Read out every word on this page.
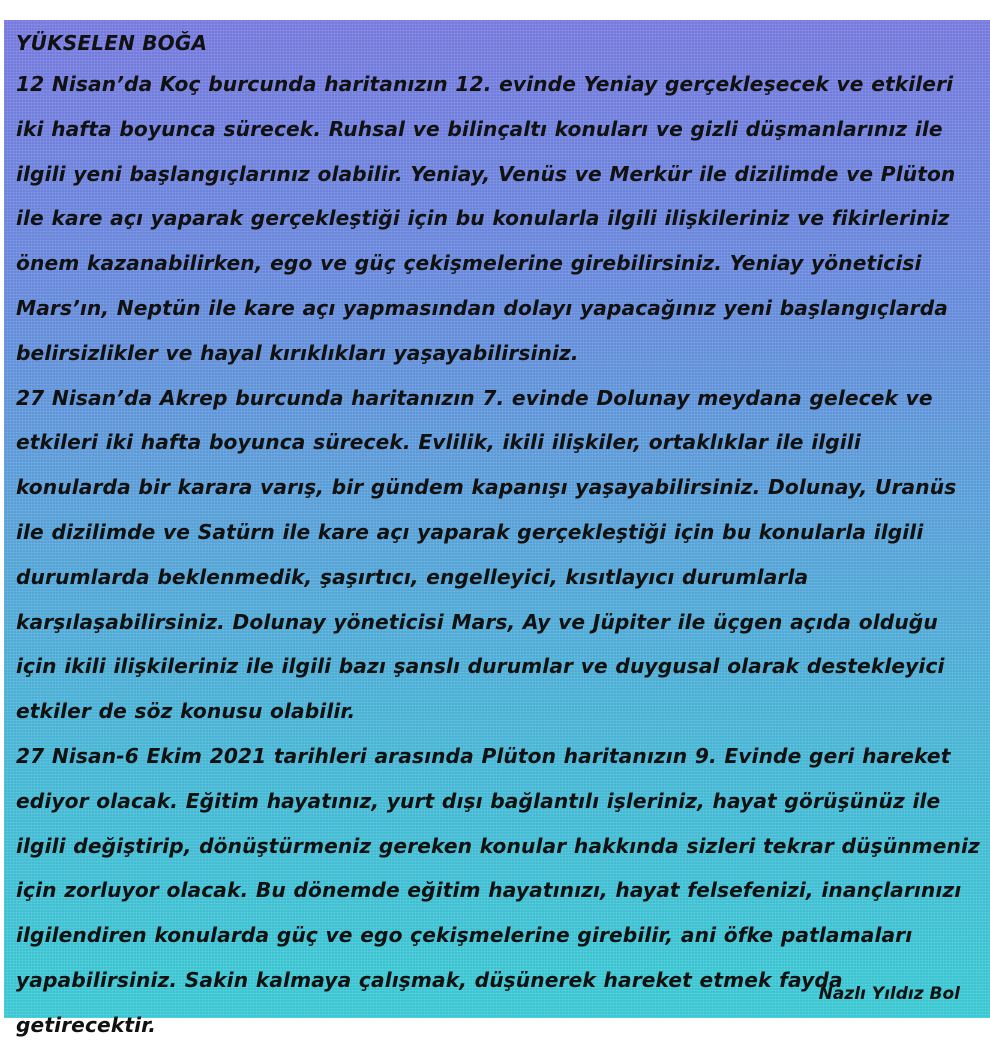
YÜKSELEN BOĞA

12 Nisan’da Koç burcunda haritanızın 12. evinde Yeniay gerçekleşecek ve etkileri iki hafta boyunca sürecek. Ruhsal ve bilinçaltı konuları ve gizli düşmanlarınız ile ilgili yeni başlangıçlarınız olabilir. Yeniay, Venüs ve Merkür ile dizilimde ve Plüton ile kare açı yaparak gerçekleştiği için bu konularla ilgili ilişkileriniz ve fikirleriniz önem kazanabilirken, ego ve güç çekişmelerine girebilirsiniz. Yeniay yöneticisi Mars’ın, Neptün ile kare açı yapmasından dolayı yapacağınız yeni başlangıçlarda belirsizlikler ve hayal kırıklıkları yaşayabilirsiniz.

27 Nisan’da Akrep burcunda haritanızın 7. evinde Dolunay meydana gelecek ve etkileri iki hafta boyunca sürecek. Evlilik, ikili ilişkiler, ortaklıklar ile ilgili konularda bir karara varış, bir gündem kapanışı yaşayabilirsiniz. Dolunay, Uranüs ile dizilimde ve Satürn ile kare açı yaparak gerçekleştiği için bu konularla ilgili durumlarda beklenmedik, şaşırtıcı, engelleyici, kısıtlayıcı durumlarla karşılaşabilirsiniz. Dolunay yöneticisi Mars, Ay ve Jüpiter ile üçgen açıda olduğu için ikili ilişkileriniz ile ilgili bazı şanslı durumlar ve duygusal olarak destekleyici etkiler de söz konusu olabilir.

27 Nisan-6 Ekim 2021 tarihleri arasında Plüton haritanızın 9. Evinde geri hareket ediyor olacak. Eğitim hayatınız, yurt dışı bağlantılı işleriniz, hayat görüşünüz ile ilgili değiştirip, dönüştürmeniz gereken konular hakkında sizleri tekrar düşünmeniz için zorluyor olacak. Bu dönemde eğitim hayatınızı, hayat felsefenizi, inançlarınızı ilgilendiren konularda güç ve ego çekişmelerine girebilir, ani öfke patlamaları yapabilirsiniz. Sakin kalmaya çalışmak, düşünerek hareket etmek fayda getirecektir.

Nazlı Yıldız Bol
